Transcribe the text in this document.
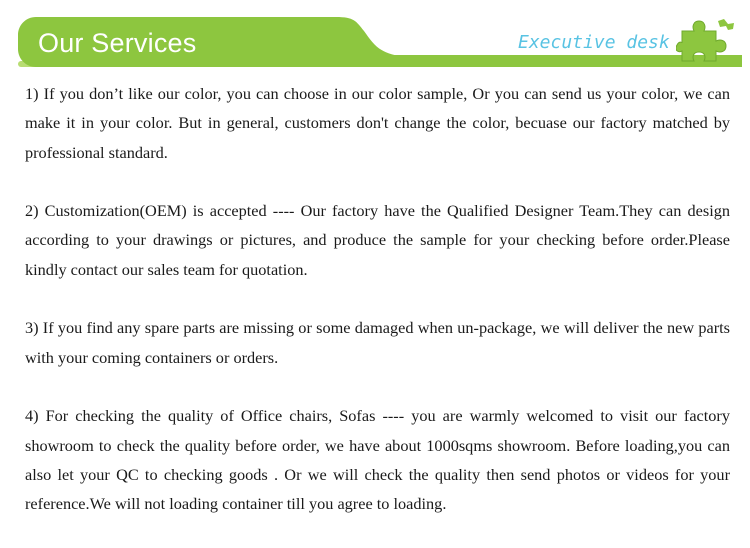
Our Services	Executive desk

1) If you don’t like our color, you can choose in our color sample, Or you can send us your color, we can make it in your color. But in general, customers don't change the color, becuase our factory matched by professional standard.

2) Customization(OEM) is accepted ---- Our factory have the Qualified Designer Team.They can design according to your drawings or pictures, and produce the sample for your checking before order.Please kindly contact our sales team for quotation.

3) If you find any spare parts are missing or some damaged when un-package, we will deliver the new parts with your coming containers or orders.

4) For checking the quality of Office chairs, Sofas ---- you are warmly welcomed to visit our factory showroom to check the quality before order, we have about 1000sqms showroom. Before loading,you can also let your QC to checking goods . Or we will check the quality then send photos or videos for your reference.We will not loading container till you agree to loading.
